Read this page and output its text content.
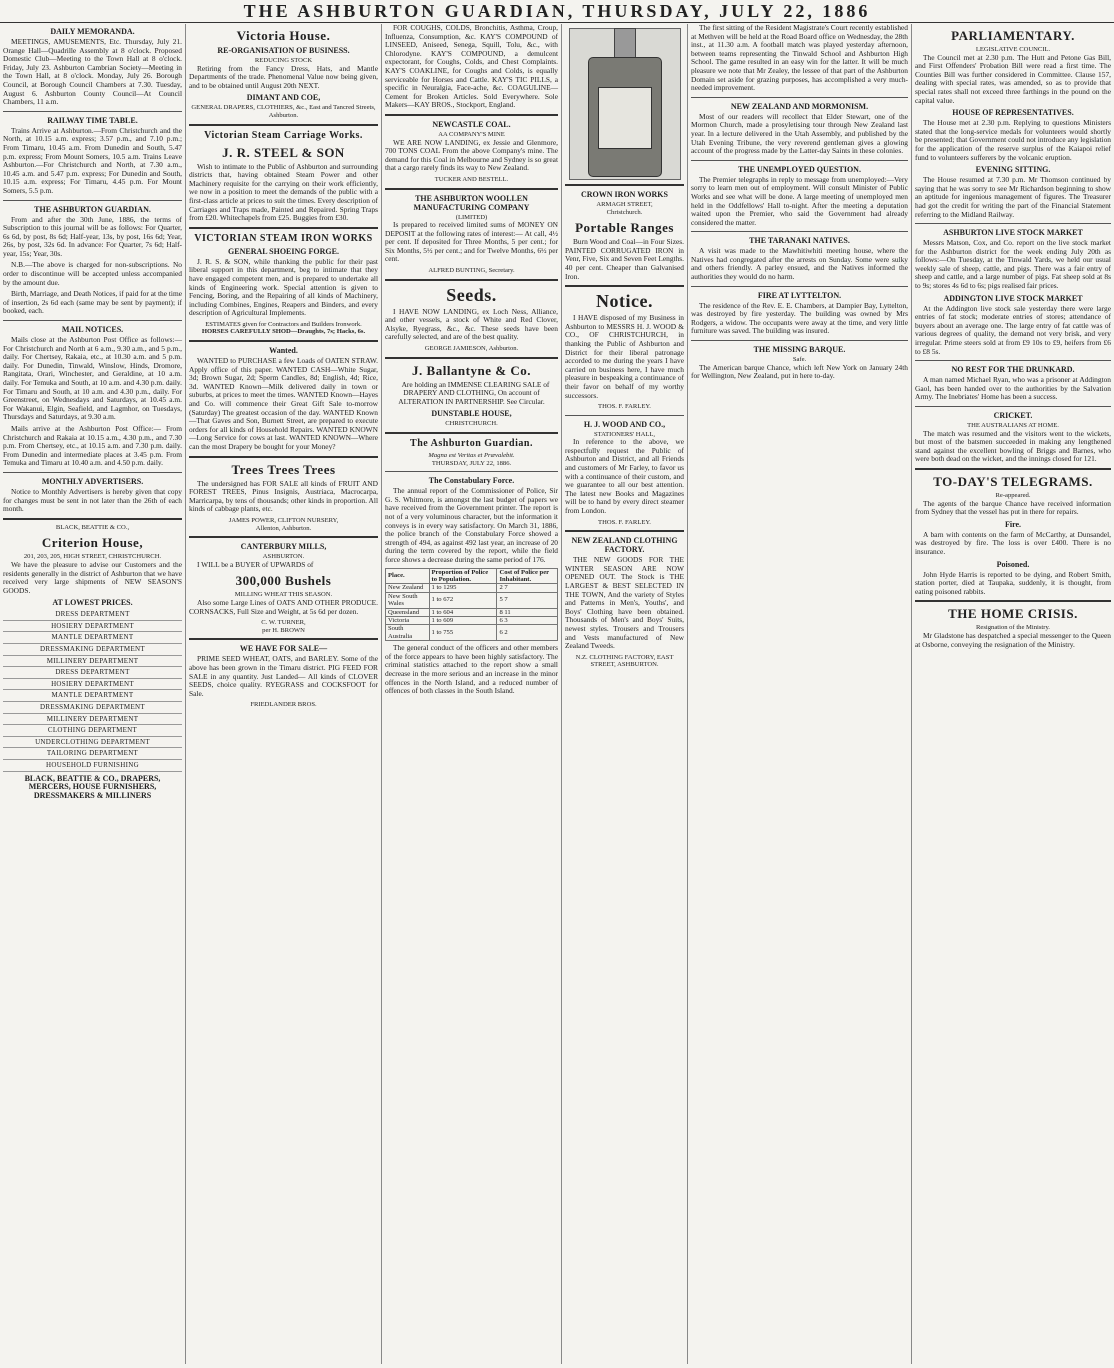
THE ASHBURTON GUARDIAN, THURSDAY, JULY 22, 1886
DAILY MEMORANDA.

MEETINGS, AMUSEMENTS, Etc. Thursday, July 21. Orange Hall—Quadrille Assembly at 8 o'clock. Proposed Domestic Club—Meeting to the Town Hall at 8 o'clock. Friday, July 23. Ashburton Cambrian Society—Meeting in the Town Hall, at 8 o'clock. Monday, July 26. Borough Council, at Borough Council Chambers at 7.30. Tuesday, August 6. Ashburton County Council—At Council Chambers, 11 a.m.

RAILWAY TIME TABLE.

Trains Arrive at Ashburton.—From Christchurch and the North, at 10.15 a.m. express; 3.57 p.m., and 7.10 p.m.; From Timaru, 10.45 a.m. From Dunedin and South, 5.47 p.m. express; From Mount Somers, 10.5 a.m. Trains Leave Ashburton.—For Christchurch and North, at 7.30 a.m., 10.45 a.m. and 5.47 p.m. express; For Dunedin and South, 10.15 a.m. express; For Timaru, 4.45 p.m. For Mount Somers, 5.5 p.m.

THE ASHBURTON GUARDIAN.

From and after the 30th June, 1886, the terms of Subscription to this journal will be as follows: For Quarter, 6s 6d, by post, 8s 6d; Half-year, 13s, by post, 16s 6d; Year, 26s, by post, 32s 6d. In advance: For Quarter, 7s 6d; Half-year, 15s; Year, 30s.

N.B.—The above is charged for non-subscriptions. No order to discontinue will be accepted unless accompanied by the amount due.

Birth, Marriage, and Death Notices, if paid for at the time of insertion, 2s 6d each (same may be sent by payment); if booked, each.

MAIL NOTICES.

Mails close at the Ashburton Post Office as follows:— For Christchurch and North at 6 a.m., 9.30 a.m., and 5 p.m., daily. For Chertsey, Rakaia, etc., at 10.30 a.m. and 5 p.m. daily. For Dunedin, Tinwald, Winslow, Hinds, Dromore, Rangitata, Orari, Winchester, and Geraldine, at 10 a.m. daily. For Temuka and South, at 10 a.m. and 4.30 p.m. daily. For Timaru and South, at 10 a.m. and 4.30 p.m., daily. For Greenstreet, on Wednesdays and Saturdays, at 10.45 a.m. For Wakanui, Elgin, Seafield, and Lagmhor, on Tuesdays, Thursdays and Saturdays, at 9.30 a.m.

Mails arrive at the Ashburton Post Office:— From Christchurch and Rakaia at 10.15 a.m., 4.30 p.m., and 7.30 p.m. From Chertsey, etc., at 10.15 a.m. and 7.30 p.m. daily. From Dunedin and intermediate places at 3.45 p.m. From Temuka and Timaru at 10.40 a.m. and 4.50 p.m. daily.

MONTHLY ADVERTISERS.

Notice to Monthly Advertisers is hereby given that copy for changes must be sent in not later than the 26th of each month.

BLACK, BEATTIE & CO.,
Criterion House,
201, 203, 205, HIGH STREET, CHRISTCHURCH.

We have the pleasure to advise our Customers and the residents generally in the district of Ashburton that we have received very large shipments of NEW SEASON'S GOODS.

AT LOWEST PRICES.
DRESS DEPARTMENT
HOSIERY DEPARTMENT
MANTLE DEPARTMENT
DRESSMAKING DEPARTMENT
MILLINERY DEPARTMENT
DRESS DEPARTMENT
HOSIERY DEPARTMENT
MANTLE DEPARTMENT
DRESSMAKING DEPARTMENT
MILLINERY DEPARTMENT
CLOTHING DEPARTMENT
UNDERCLOTHING DEPARTMENT
TAILORING DEPARTMENT
HOUSEHOLD FURNISHING
BLACK, BEATTIE & CO., DRAPERS, MERCERS, HOUSE FURNISHERS, DRESSMAKERS & MILLINERS
Victoria House.
RE-ORGANISATION OF BUSINESS.
REDUCING STOCK

Retiring from the Fancy Dress, Hats, and Mantle Departments of the trade. Phenomenal Value now being given, and to be obtained until August 20th NEXT.

DIMANT AND COE,
GENERAL DRAPERS, CLOTHIERS, &c., East and Tancred Streets, Ashburton.
Victorian Steam Carriage Works.
J. R. STEEL & SON

Wish to intimate to the Public of Ashburton and surrounding districts that, having obtained Steam Power and other Machinery requisite for the carrying on their work efficiently, we now in a position to meet the demands of the public with a first-class article at prices to suit the times. Every description of Carriages and Traps made, Painted and Repaired. Spring Traps from £20. Whitechapels from £25. Buggies from £30.

VICTORIAN STEAM IRON WORKS
GENERAL SHOEING FORGE.

J. R. S. & SON, while thanking the public for their past liberal support in this department, beg to intimate that they have engaged competent men, and is prepared to undertake all kinds of Engineering work. Special attention is given to Fencing, Boring, and the Repairing of all kinds of Machinery, including Combines, Engines, Reapers and Binders, and every description of Agricultural Implements.

ESTIMATES given for Contractors and Builders Ironwork.
HORSES CAREFULLY SHOD—Draughts, 7s; Hacks, 6s.
Wanted.

WANTED to PURCHASE a few Loads of OATEN STRAW. Apply office of this paper. WANTED CASH—White Sugar, 3d; Brown Sugar, 2d; Sperm Candles, 8d; English, 4d; Rice, 3d. WANTED Known—Milk delivered daily in town or suburbs, at prices to meet the times. WANTED Known—Hayes and Co. will commence their Great Gift Sale to-morrow (Saturday) The greatest occasion of the day. WANTED Known—That Gaves and Son, Burnett Street, are prepared to execute orders for all kinds of Household Repairs. WANTED KNOWN—Long Service for cows at last. WANTED KNOWN—Where can the most Drapery be bought for your Money?

Trees Trees Trees

The undersigned has FOR SALE all kinds of FRUIT AND FOREST TREES, Pinus Insignis, Austriaca, Macrocarpa, Marricarpa, by tens of thousands; other kinds in proportion. All kinds of cabbage plants, etc.

JAMES POWER, CLIFTON NURSERY,
Allenton, Ashburton.
CANTERBURY MILLS,
ASHBURTON.

I WILL be a BUYER of UPWARDS of

300,000 Bushels
MILLING WHEAT THIS SEASON.

Also some Large Lines of OATS AND OTHER PRODUCE. CORNSACKS, Full Size and Weight, at 5s 6d per dozen.

C. W. TURNER,
per H. BROWN
WE HAVE FOR SALE—

PRIME SEED WHEAT, OATS, and BARLEY. Some of the above has been grown in the Timaru district. PIG FEED FOR SALE in any quantity. Just Landed— All kinds of CLOVER SEEDS, choice quality. RYEGRASS and COCKSFOOT for Sale.

FRIEDLANDER BROS.

FOR COUGHS, COLDS, Bronchitis, Asthma, Croup, Influenza, Consumption, &c. KAY'S COMPOUND of LINSEED, Aniseed, Senega, Squill, Tolu, &c., with Chlorodyne. KAY'S COMPOUND, a demulcent expectorant, for Coughs, Colds, and Chest Complaints. KAY'S COAKLINE, for Coughs and Colds, is equally serviceable for Horses and Cattle. KAY'S TIC PILLS, a specific in Neuralgia, Face-ache, &c. COAGULINE—Cement for Broken Articles. Sold Everywhere. Sole Makers—KAY BROS., Stockport, England.

NEWCASTLE COAL.
AA COMPANY'S MINE

WE ARE NOW LANDING, ex Jessie and Glenmore, 700 TONS COAL From the above Company's mine. The demand for this Coal in Melbourne and Sydney is so great that a cargo rarely finds its way to New Zealand.

TUCKER AND BESTELL.
THE ASHBURTON WOOLLEN MANUFACTURING COMPANY
(LIMITED)

Is prepared to received limited sums of MONEY ON DEPOSIT at the following rates of interest:— At call, 4½ per cent. If deposited for Three Months, 5 per cent.; for Six Months, 5½ per cent.; and for Twelve Months, 6½ per cent.

ALFRED BUNTING, Secretary.
Seeds.

I HAVE NOW LANDING, ex Loch Ness, Alliance, and other vessels, a stock of White and Red Clover, Alsyke, Ryegrass, &c., &c. These seeds have been carefully selected, and are of the best quality.

GEORGE JAMIESON, Ashburton.
J. Ballantyne & Co.

Are holding an IMMENSE CLEARING SALE of DRAPERY AND CLOTHING, On account of ALTERATION IN PARTNERSHIP. See Circular.

DUNSTABLE HOUSE,
CHRISTCHURCH.
The Ashburton Guardian.
Magna est Veritas et Prævalebit.
THURSDAY, JULY 22, 1886.
The Constabulary Force.

The annual report of the Commissioner of Police, Sir G. S. Whitmore, is amongst the last budget of papers we have received from the Government printer. The report is not of a very voluminous character, but the information it conveys is in every way satisfactory. On March 31, 1886, the police branch of the Constabulary Force showed a strength of 494, as against 492 last year, an increase of 20 during the term covered by the report, while the field force shows a decrease during the same period of 176.

Place.	Proportion of Police to Population.	Cost of Police per Inhabitant.
New Zealand	1 to 1295	2 7
New South Wales	1 to 672	5 7
Queensland	1 to 604	8 11
Victoria	1 to 609	6 3
South Australia	1 to 755	6 2

The general conduct of the officers and other members of the force appears to have been highly satisfactory. The criminal statistics attached to the report show a small decrease in the more serious and an increase in the minor offences in the North Island, and a reduced number of offences of both classes in the South Island.

CROWN IRON WORKS
ARMAGH STREET,
Christchurch.
Portable Ranges

Burn Wood and Coal—in Four Sizes. PAINTED CORRUGATED IRON in Venr, Five, Six and Seven Feet Lengths. 40 per cent. Cheaper than Galvanised Iron.

Notice.

I HAVE disposed of my Business in Ashburton to MESSRS H. J. WOOD & CO., OF CHRISTCHURCH, in thanking the Public of Ashburton and District for their liberal patronage accorded to me during the years I have carried on business here, I have much pleasure in bespeaking a continuance of their favor on behalf of my worthy successors.

THOS. F. FARLEY.
H. J. WOOD AND CO.,
STATIONERS' HALL,

In reference to the above, we respectfully request the Public of Ashburton and District, and all Friends and customers of Mr Farley, to favor us with a continuance of their custom, and we guarantee to all our best attention. The latest new Books and Magazines will be to hand by every direct steamer from London.

THOS. F. FARLEY.
NEW ZEALAND CLOTHING FACTORY.

THE NEW GOODS FOR THE WINTER SEASON ARE NOW OPENED OUT. The Stock is THE LARGEST & BEST SELECTED IN THE TOWN, And the variety of Styles and Patterns in Men's, Youths', and Boys' Clothing have been obtained. Thousands of Men's and Boys' Suits, newest styles. Trousers and Trousers and Vests manufactured of New Zealand Tweeds.

N.Z. CLOTHING FACTORY, EAST STREET, ASHBURTON.

The first sitting of the Resident Magistrate's Court recently established at Methven will be held at the Road Board office on Wednesday, the 28th inst., at 11.30 a.m. A football match was played yesterday afternoon, between teams representing the Tinwald School and Ashburton High School. The game resulted in an easy win for the latter. It will be much pleasure we note that Mr Zealey, the lessee of that part of the Ashburton Domain set aside for grazing purposes, has accomplished a very much-needed improvement.

NEW ZEALAND AND MORMONISM.

Most of our readers will recollect that Elder Stewart, one of the Mormon Church, made a prosyletising tour through New Zealand last year. In a lecture delivered in the Utah Assembly, and published by the Utah Evening Tribune, the very reverend gentleman gives a glowing account of the progress made by the Latter-day Saints in these colonies.

THE UNEMPLOYED QUESTION.

The Premier telegraphs in reply to message from unemployed:—Very sorry to learn men out of employment. Will consult Minister of Public Works and see what will be done. A large meeting of unemployed men held in the Oddfellows' Hall to-night. After the meeting a deputation waited upon the Premier, who said the Government had already considered the matter.

THE TARANAKI NATIVES.

A visit was made to the Mawhitiwhiti meeting house, where the Natives had congregated after the arrests on Sunday. Some were sulky and others friendly. A parley ensued, and the Natives informed the authorities they would do no harm.

FIRE AT LYTTELTON.

The residence of the Rev. E. E. Chambers, at Dampier Bay, Lyttelton, was destroyed by fire yesterday. The building was owned by Mrs Rodgers, a widow. The occupants were away at the time, and very little furniture was saved. The building was insured.

THE MISSING BARQUE.
Safe.

The American barque Chance, which left New York on January 24th for Wellington, New Zealand, put in here to-day.

PARLIAMENTARY.
LEGISLATIVE COUNCIL.

The Council met at 2.30 p.m. The Hutt and Petone Gas Bill, and First Offenders' Probation Bill were read a first time. The Counties Bill was further considered in Committee. Clause 157, dealing with special rates, was amended, so as to provide that special rates shall not exceed three farthings in the pound on the capital value.

HOUSE OF REPRESENTATIVES.

The House met at 2.30 p.m. Replying to questions Ministers stated that the long-service medals for volunteers would shortly be presented; that Government could not introduce any legislation for the application of the reserve surplus of the Kaiapoi relief fund to volunteers sufferers by the volcanic eruption.

EVENING SITTING.

The House resumed at 7.30 p.m. Mr Thomson continued by saying that he was sorry to see Mr Richardson beginning to show an aptitude for ingenious management of figures. The Treasurer had got the credit for writing the part of the Financial Statement referring to the Midland Railway.

ASHBURTON LIVE STOCK MARKET

Messrs Matson, Cox, and Co. report on the live stock market for the Ashburton district for the week ending July 20th as follows:—On Tuesday, at the Tinwald Yards, we held our usual weekly sale of sheep, cattle, and pigs. There was a fair entry of sheep and cattle, and a large number of pigs. Fat sheep sold at 8s to 9s; stores 4s 6d to 6s; pigs realised fair prices.

ADDINGTON LIVE STOCK MARKET

At the Addington live stock sale yesterday there were large entries of fat stock; moderate entries of stores; attendance of buyers about an average one. The large entry of fat cattle was of various degrees of quality, the demand not very brisk, and very irregular. Prime steers sold at from £9 10s to £9, heifers from £6 to £8 5s.

NO REST FOR THE DRUNKARD.

A man named Michael Ryan, who was a prisoner at Addington Gaol, has been handed over to the authorities by the Salvation Army. The Inebriates' Home has been a success.

CRICKET.
THE AUSTRALIANS AT HOME.

The match was resumed and the visitors went to the wickets, but most of the batsmen succeeded in making any lengthened stand against the excellent bowling of Briggs and Barnes, who were both dead on the wicket, and the innings closed for 121.

TO-DAY'S TELEGRAMS.
Re-appeared.

The agents of the barque Chance have received information from Sydney that the vessel has put in there for repairs.

Fire.

A barn with contents on the farm of McCarthy, at Dunsandel, was destroyed by fire. The loss is over £400. There is no insurance.

Poisoned.

John Hyde Harris is reported to be dying, and Robert Smith, station porter, died at Taupaka, suddenly, it is thought, from eating poisoned rabbits.

THE HOME CRISIS.
Resignation of the Ministry.

Mr Gladstone has despatched a special messenger to the Queen at Osborne, conveying the resignation of the Ministry.
